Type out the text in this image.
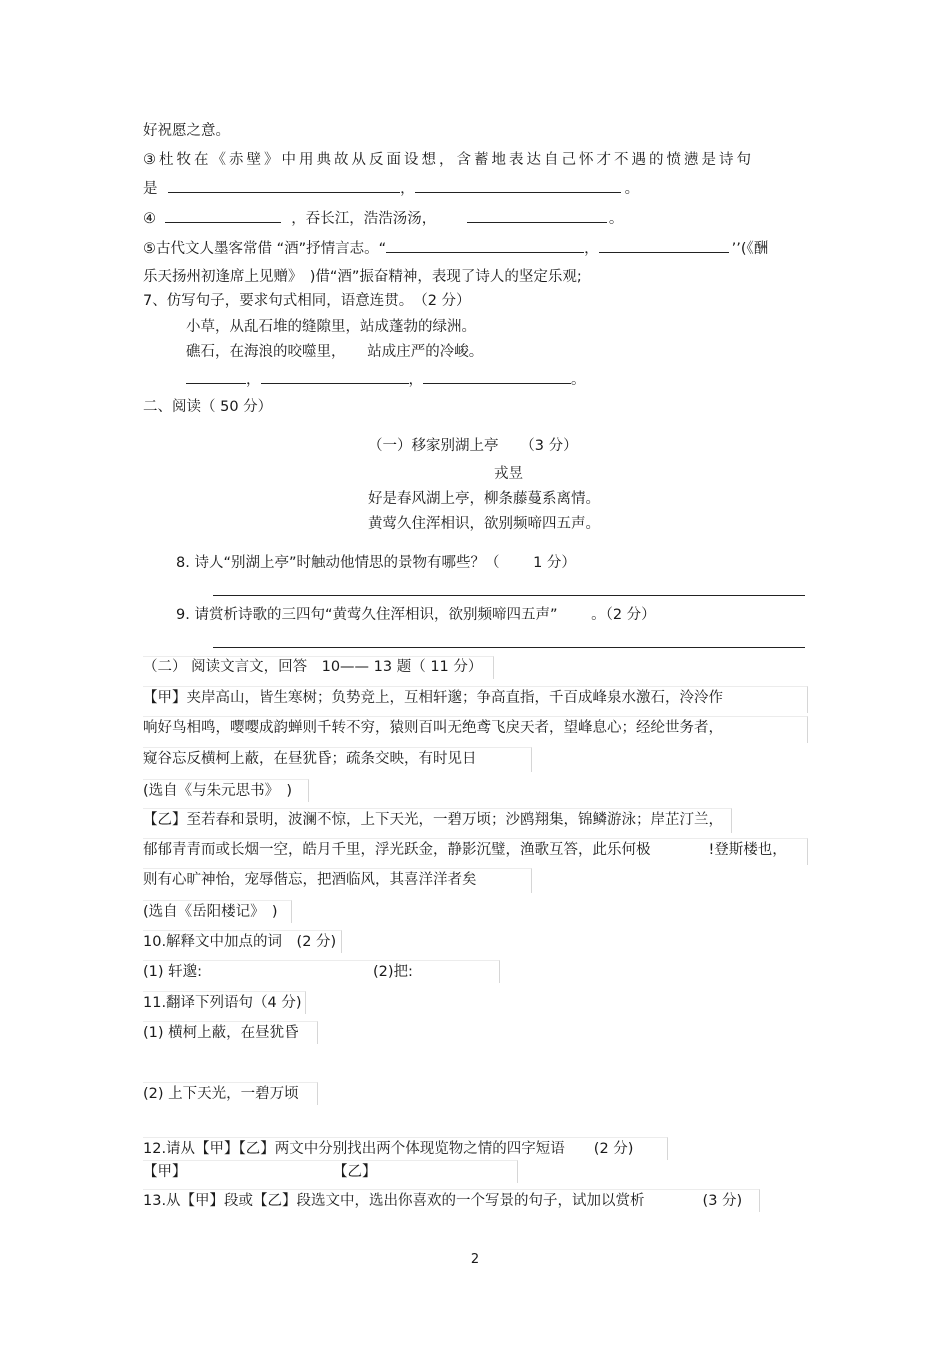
好祝愿之意。
③杜牧在《赤壁》中用典故从反面设想，含蓄地表达自己怀才不遇的愤懑是诗句
是	，	。
④	，吞长江，浩浩汤汤，	。
⑤古代文人墨客常借 “酒”抒情言志。“	，	’’(《酬
乐天扬州初逢席上见赠》　)借“酒”振奋精神，表现了诗人的坚定乐观;
7、仿写句子，要求句式相同，语意连贯。　（2 分）
小草，从乱石堆的缝隙里，站成蓬勃的绿洲。
礁石，在海浪的咬噬里，　　站成庄严的冷峻。
，	，	。
二、阅读（ 50 分）
（一）移家别湖上亭　　（3 分）
戎昱
好是春风湖上亭，柳条藤蔓系离情。
黄莺久住浑相识，欲别频啼四五声。
8. 诗人“别湖上亭”时触动他情思的景物有哪些？（　　 1 分）
9. 请赏析诗歌的三四句“黄莺久住浑相识，欲别频啼四五声”　　 。（2 分）
（二） 阅读文言文，回答　10—— 13 题（ 11 分）
【甲】夹岸高山，皆生寒树；负势竞上，互相轩邈；争高直指，千百成峰泉水激石，泠泠作
响好鸟相鸣，嘤嘤成韵蝉则千转不穷，猿则百叫无绝鸢飞戾天者，望峰息心；经纶世务者，
窥谷忘反横柯上蔽，在昼犹昏；疏条交映，有时见日
(选自《与朱元思书》　)
【乙】至若春和景明，波澜不惊，上下天光，一碧万顷；沙鸥翔集，锦鳞游泳；岸芷汀兰，
郁郁青青而或长烟一空，皓月千里，浮光跃金，静影沉璧，渔歌互答，此乐何极　　　　!登斯楼也，
则有心旷神怡，宠辱偕忘，把酒临风，其喜洋洋者矣
(选自《岳阳楼记》　)
10.解释文中加点的词　(2 分)
(1) 轩邈:	(2)把:
11.翻译下列语句（4 分)
(1) 横柯上蔽，在昼犹昏
(2) 上下天光，一碧万顷
12.请从【甲】【乙】两文中分别找出两个体现览物之情的四字短语　　(2 分)
【甲】	【乙】
13.从【甲】段或【乙】段选文中，选出你喜欢的一个写景的句子，试加以赏析　　　　(3 分)
2
